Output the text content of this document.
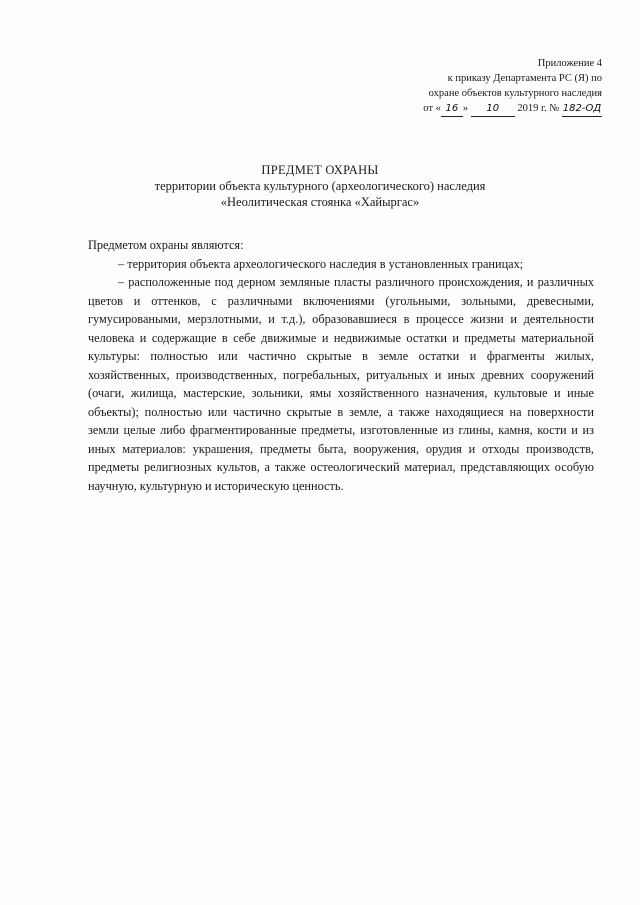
Приложение 4
к приказу Департамента РС (Я) по
охране объектов культурного наследия
от « 16 » 10 2019 г. № 182-ОД
ПРЕДМЕТ ОХРАНЫ
территории объекта культурного (археологического) наследия
«Неолитическая стоянка «Хайыргас»

Предметом охраны являются:

– территория объекта археологического наследия в установленных границах;

– расположенные под дерном земляные пласты различного происхождения, и различных цветов и оттенков, с различными включениями (угольными, зольными, древесными, гумусироваными, мерзлотными, и т.д.), образовавшиеся в процессе жизни и деятельности человека и содержащие в себе движимые и недвижимые остатки и предметы материальной культуры: полностью или частично скрытые в земле остатки и фрагменты жилых, хозяйственных, производственных, погребальных, ритуальных и иных древних сооружений (очаги, жилища, мастерские, зольники, ямы хозяйственного назначения, культовые и иные объекты); полностью или частично скрытые в земле, а также находящиеся на поверхности земли целые либо фрагментированные предметы, изготовленные из глины, камня, кости и из иных материалов: украшения, предметы быта, вооружения, орудия и отходы производств, предметы религиозных культов, а также остеологический материал, представляющих особую научную, культурную и историческую ценность.
